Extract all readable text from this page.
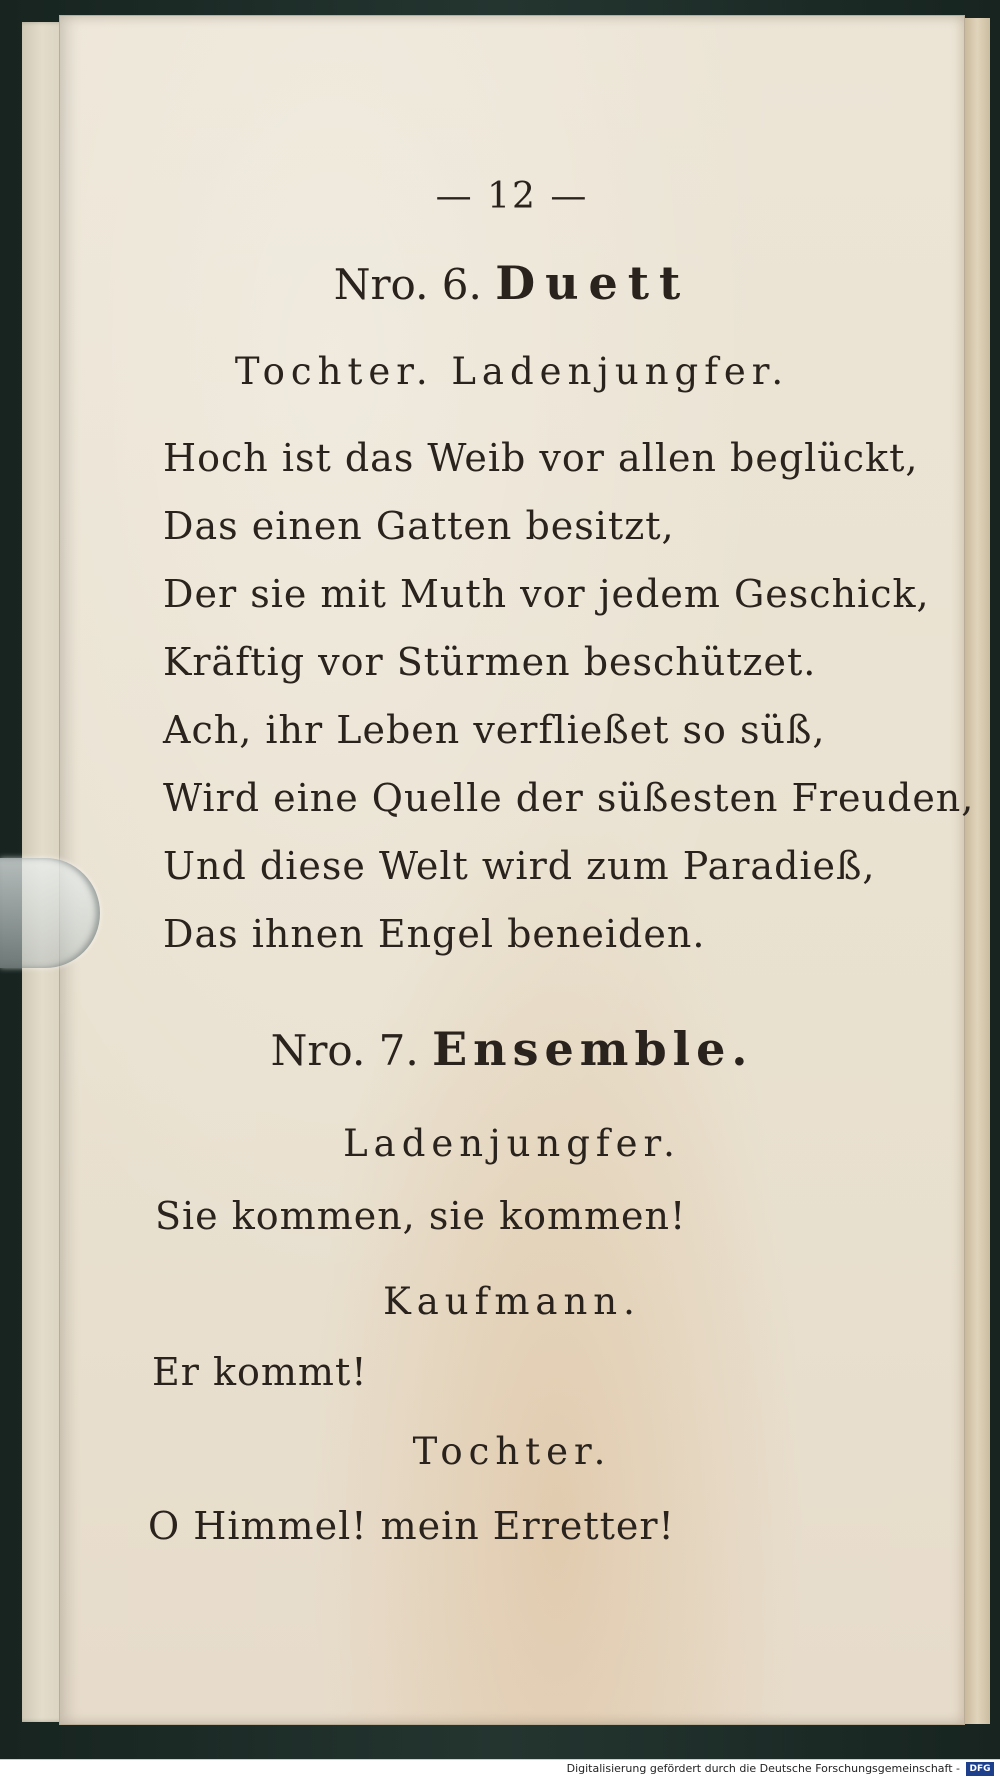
— 12 —
Nro. 6. Duett
Tochter. Ladenjungfer.
Hoch ist das Weib vor allen beglückt,
Das einen Gatten besitzt,
Der sie mit Muth vor jedem Geschick,
Kräftig vor Stürmen beschützet.
Ach, ihr Leben verfließet so süß,
Wird eine Quelle der süßesten Freuden,
Und diese Welt wird zum Paradieß,
Das ihnen Engel beneiden.
Nro. 7. Ensemble.
Ladenjungfer.
Sie kommen, sie kommen!
Kaufmann.
Er kommt!
Tochter.
O Himmel! mein Erretter!
Digitalisierung gefördert durch die Deutsche Forschungsgemeinschaft -	DFG
